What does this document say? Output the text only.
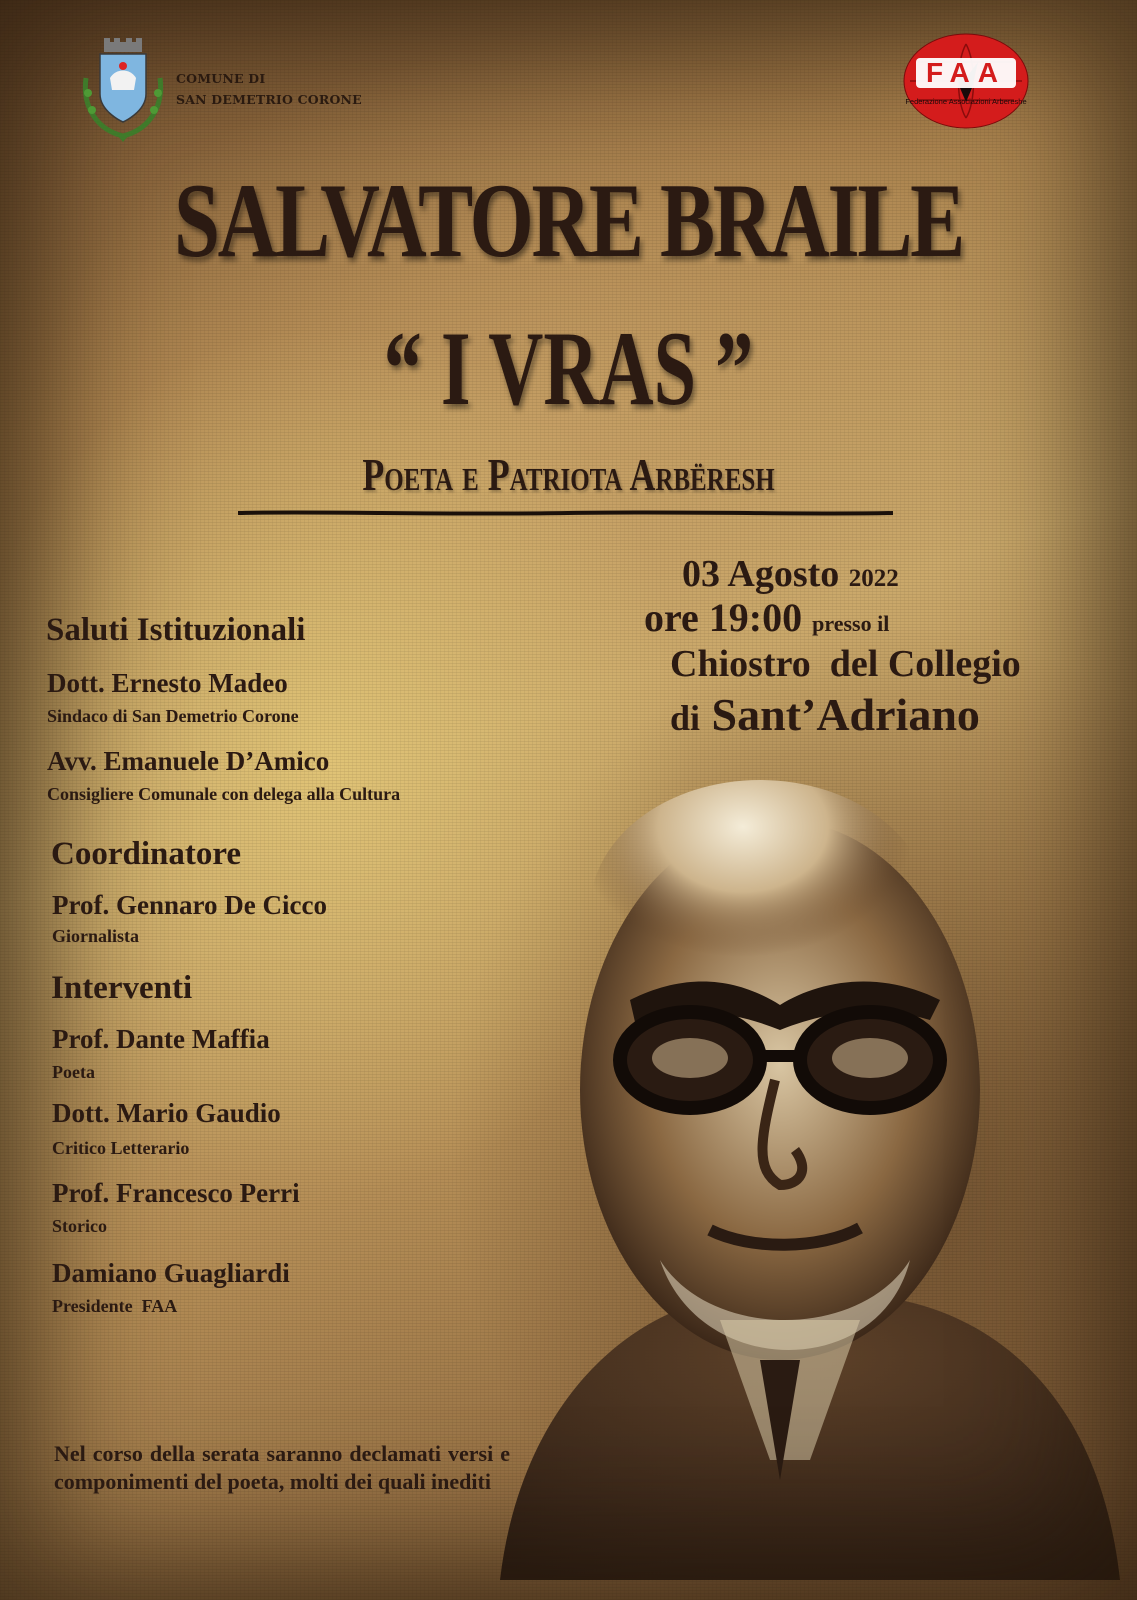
COMUNE DI
SAN DEMETRIO CORONE
FAA
Federazione Associazioni Arbereshe
SALVATORE BRAILE
“ I VRAS ”
Poeta e Patriota Arbëresh
03 Agosto 2022
ore 19:00 presso il
Chiostro  del Collegio
di Sant’Adriano
Saluti Istituzionali
Dott. Ernesto Madeo
Sindaco di San Demetrio Corone
Avv. Emanuele D’Amico
Consigliere Comunale con delega alla Cultura
Coordinatore
Prof. Gennaro De Cicco
Giornalista
Interventi
Prof. Dante Maffia
Poeta
Dott. Mario Gaudio
Critico Letterario
Prof. Francesco Perri
Storico
Damiano Guagliardi
Presidente  FAA
Nel corso della serata saranno declamati versi e componimenti del poeta, molti dei quali inediti
